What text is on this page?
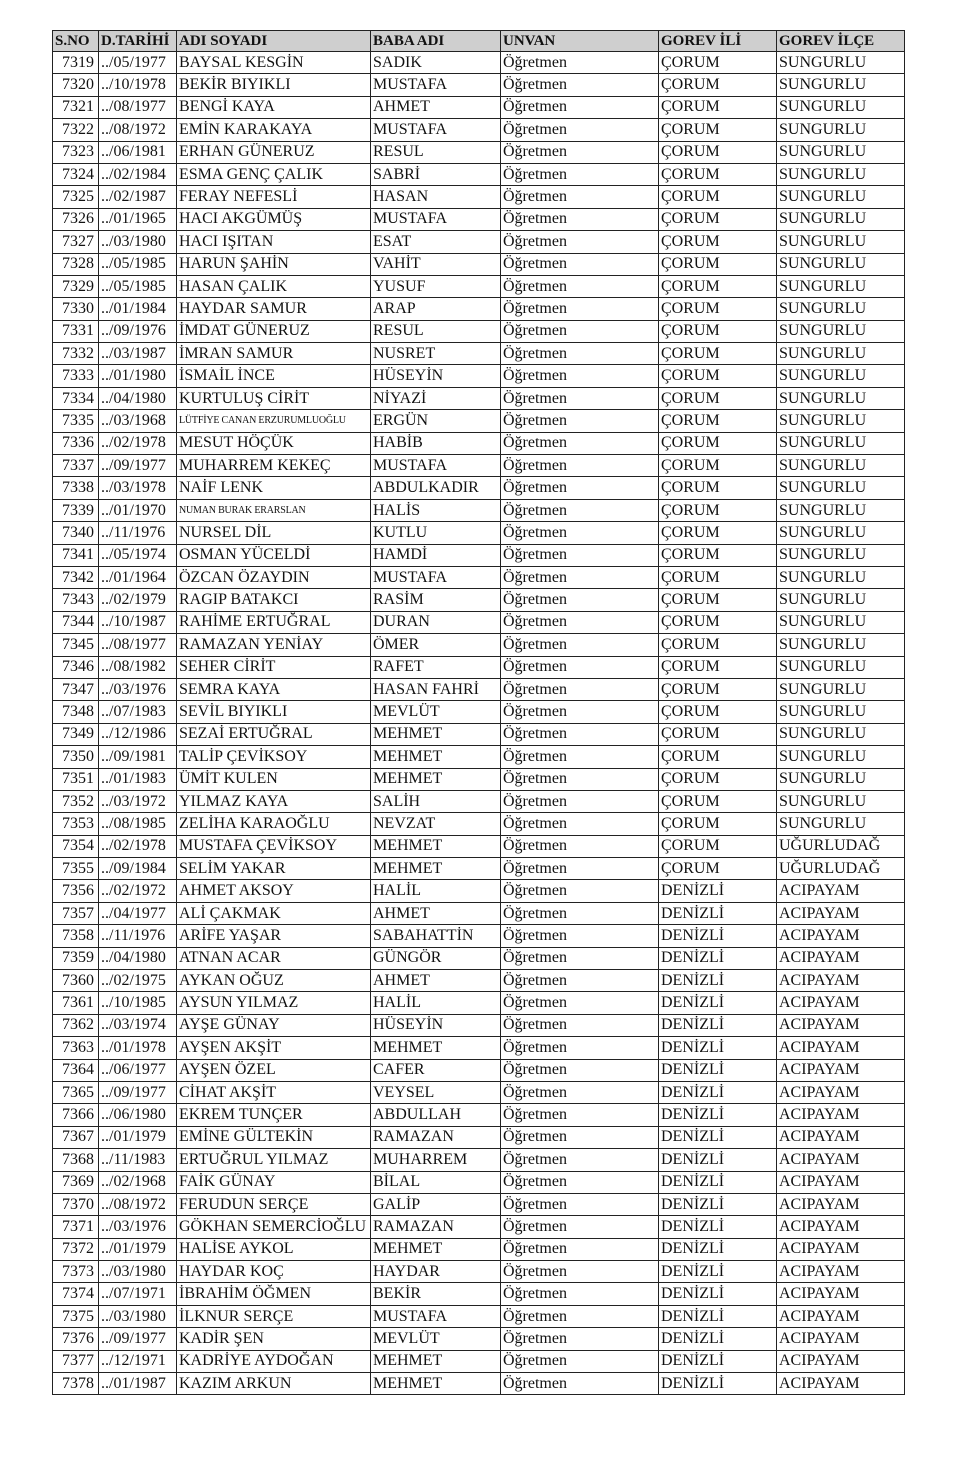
S.NO	D.TARİHİ	ADI SOYADI	BABA ADI	UNVAN	GOREV İLİ	GOREV İLÇE
7319	../05/1977	BAYSAL KESGİN	SADIK	Öğretmen	ÇORUM	SUNGURLU
7320	../10/1978	BEKİR BIYIKLI	MUSTAFA	Öğretmen	ÇORUM	SUNGURLU
7321	../08/1977	BENGİ KAYA	AHMET	Öğretmen	ÇORUM	SUNGURLU
7322	../08/1972	EMİN KARAKAYA	MUSTAFA	Öğretmen	ÇORUM	SUNGURLU
7323	../06/1981	ERHAN GÜNERUZ	RESUL	Öğretmen	ÇORUM	SUNGURLU
7324	../02/1984	ESMA GENÇ ÇALIK	SABRİ	Öğretmen	ÇORUM	SUNGURLU
7325	../02/1987	FERAY NEFESLİ	HASAN	Öğretmen	ÇORUM	SUNGURLU
7326	../01/1965	HACI AKGÜMÜŞ	MUSTAFA	Öğretmen	ÇORUM	SUNGURLU
7327	../03/1980	HACI IŞITAN	ESAT	Öğretmen	ÇORUM	SUNGURLU
7328	../05/1985	HARUN ŞAHİN	VAHİT	Öğretmen	ÇORUM	SUNGURLU
7329	../05/1985	HASAN ÇALIK	YUSUF	Öğretmen	ÇORUM	SUNGURLU
7330	../01/1984	HAYDAR SAMUR	ARAP	Öğretmen	ÇORUM	SUNGURLU
7331	../09/1976	İMDAT GÜNERUZ	RESUL	Öğretmen	ÇORUM	SUNGURLU
7332	../03/1987	İMRAN SAMUR	NUSRET	Öğretmen	ÇORUM	SUNGURLU
7333	../01/1980	İSMAİL İNCE	HÜSEYİN	Öğretmen	ÇORUM	SUNGURLU
7334	../04/1980	KURTULUŞ CİRİT	NİYAZİ	Öğretmen	ÇORUM	SUNGURLU
7335	../03/1968	LÜTFİYE CANAN ERZURUMLUOĞLU	ERGÜN	Öğretmen	ÇORUM	SUNGURLU
7336	../02/1978	MESUT HÖÇÜK	HABİB	Öğretmen	ÇORUM	SUNGURLU
7337	../09/1977	MUHARREM KEKEÇ	MUSTAFA	Öğretmen	ÇORUM	SUNGURLU
7338	../03/1978	NAİF LENK	ABDULKADIR	Öğretmen	ÇORUM	SUNGURLU
7339	../01/1970	NUMAN BURAK ERARSLAN	HALİS	Öğretmen	ÇORUM	SUNGURLU
7340	../11/1976	NURSEL DİL	KUTLU	Öğretmen	ÇORUM	SUNGURLU
7341	../05/1974	OSMAN YÜCELDİ	HAMDİ	Öğretmen	ÇORUM	SUNGURLU
7342	../01/1964	ÖZCAN ÖZAYDIN	MUSTAFA	Öğretmen	ÇORUM	SUNGURLU
7343	../02/1979	RAGIP BATAKCI	RASİM	Öğretmen	ÇORUM	SUNGURLU
7344	../10/1987	RAHİME ERTUĞRAL	DURAN	Öğretmen	ÇORUM	SUNGURLU
7345	../08/1977	RAMAZAN YENİAY	ÖMER	Öğretmen	ÇORUM	SUNGURLU
7346	../08/1982	SEHER CİRİT	RAFET	Öğretmen	ÇORUM	SUNGURLU
7347	../03/1976	SEMRA KAYA	HASAN FAHRİ	Öğretmen	ÇORUM	SUNGURLU
7348	../07/1983	SEVİL BIYIKLI	MEVLÜT	Öğretmen	ÇORUM	SUNGURLU
7349	../12/1986	SEZAİ ERTUĞRAL	MEHMET	Öğretmen	ÇORUM	SUNGURLU
7350	../09/1981	TALİP ÇEVİKSOY	MEHMET	Öğretmen	ÇORUM	SUNGURLU
7351	../01/1983	ÜMİT KULEN	MEHMET	Öğretmen	ÇORUM	SUNGURLU
7352	../03/1972	YILMAZ KAYA	SALİH	Öğretmen	ÇORUM	SUNGURLU
7353	../08/1985	ZELİHA KARAOĞLU	NEVZAT	Öğretmen	ÇORUM	SUNGURLU
7354	../02/1978	MUSTAFA ÇEVİKSOY	MEHMET	Öğretmen	ÇORUM	UĞURLUDAĞ
7355	../09/1984	SELİM YAKAR	MEHMET	Öğretmen	ÇORUM	UĞURLUDAĞ
7356	../02/1972	AHMET AKSOY	HALİL	Öğretmen	DENİZLİ	ACIPAYAM
7357	../04/1977	ALİ ÇAKMAK	AHMET	Öğretmen	DENİZLİ	ACIPAYAM
7358	../11/1976	ARİFE YAŞAR	SABAHATTİN	Öğretmen	DENİZLİ	ACIPAYAM
7359	../04/1980	ATNAN ACAR	GÜNGÖR	Öğretmen	DENİZLİ	ACIPAYAM
7360	../02/1975	AYKAN OĞUZ	AHMET	Öğretmen	DENİZLİ	ACIPAYAM
7361	../10/1985	AYSUN YILMAZ	HALİL	Öğretmen	DENİZLİ	ACIPAYAM
7362	../03/1974	AYŞE GÜNAY	HÜSEYİN	Öğretmen	DENİZLİ	ACIPAYAM
7363	../01/1978	AYŞEN AKŞİT	MEHMET	Öğretmen	DENİZLİ	ACIPAYAM
7364	../06/1977	AYŞEN ÖZEL	CAFER	Öğretmen	DENİZLİ	ACIPAYAM
7365	../09/1977	CİHAT AKŞİT	VEYSEL	Öğretmen	DENİZLİ	ACIPAYAM
7366	../06/1980	EKREM TUNÇER	ABDULLAH	Öğretmen	DENİZLİ	ACIPAYAM
7367	../01/1979	EMİNE GÜLTEKİN	RAMAZAN	Öğretmen	DENİZLİ	ACIPAYAM
7368	../11/1983	ERTUĞRUL YILMAZ	MUHARREM	Öğretmen	DENİZLİ	ACIPAYAM
7369	../02/1968	FAİK GÜNAY	BİLAL	Öğretmen	DENİZLİ	ACIPAYAM
7370	../08/1972	FERUDUN SERÇE	GALİP	Öğretmen	DENİZLİ	ACIPAYAM
7371	../03/1976	GÖKHAN SEMERCİOĞLU	RAMAZAN	Öğretmen	DENİZLİ	ACIPAYAM
7372	../01/1979	HALİSE AYKOL	MEHMET	Öğretmen	DENİZLİ	ACIPAYAM
7373	../03/1980	HAYDAR KOÇ	HAYDAR	Öğretmen	DENİZLİ	ACIPAYAM
7374	../07/1971	İBRAHİM ÖĞMEN	BEKİR	Öğretmen	DENİZLİ	ACIPAYAM
7375	../03/1980	İLKNUR SERÇE	MUSTAFA	Öğretmen	DENİZLİ	ACIPAYAM
7376	../09/1977	KADİR ŞEN	MEVLÜT	Öğretmen	DENİZLİ	ACIPAYAM
7377	../12/1971	KADRİYE AYDOĞAN	MEHMET	Öğretmen	DENİZLİ	ACIPAYAM
7378	../01/1987	KAZIM ARKUN	MEHMET	Öğretmen	DENİZLİ	ACIPAYAM
